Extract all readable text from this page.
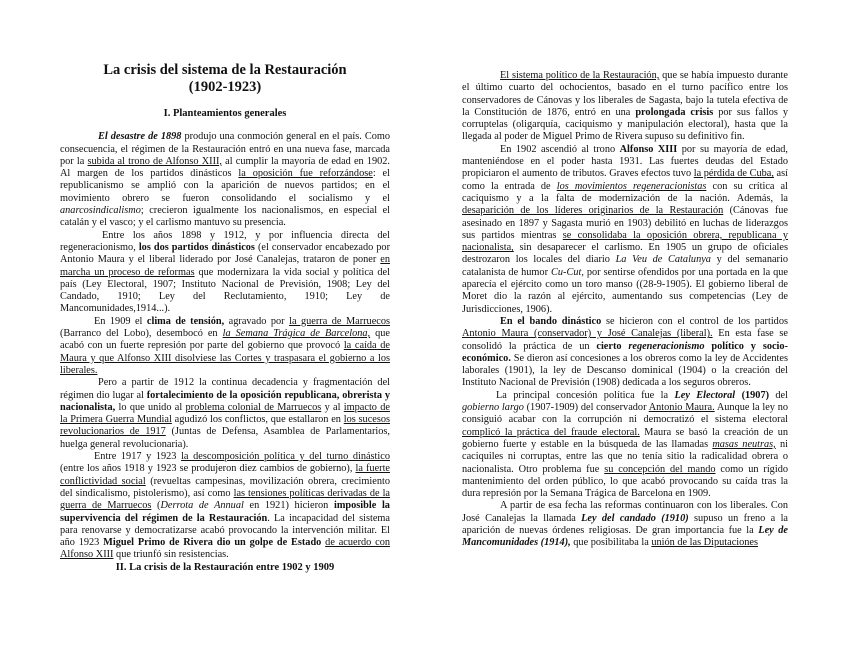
La crisis del sistema de la Restauración

(1902-1923)

I. Planteamientos generales

El desastre de 1898 produjo una conmoción general en el país. Como consecuencia, el régimen de la Restauración entró en una nueva fase, marcada por la subida al trono de Alfonso XIII, al cumplir la mayoría de edad en 1902. Al margen de los partidos dinásticos la oposición fue reforzándose: el republicanismo se amplió con la aparición de nuevos partidos; en el movimiento obrero se fueron consolidando el socialismo y el anarcosindicalismo; crecieron igualmente los nacionalismos, en especial el catalán y el vasco; y el carlismo mantuvo su presencia.

Entre los años 1898 y 1912, y por influencia directa del regeneracionismo, los dos partidos dinásticos (el conservador encabezado por Antonio Maura y el liberal liderado por José Canalejas, trataron de poner en marcha un proceso de reformas que modernizara la vida social y política del país (Ley Electoral, 1907; Instituto Nacional de Previsión, 1908; Ley del Candado, 1910; Ley del Reclutamiento, 1910; Ley de Mancomunidades,1914...).

En 1909 el clima de tensión, agravado por la guerra de Marruecos (Barranco del Lobo), desembocó en la Semana Trágica de Barcelona, que acabó con un fuerte represión por parte del gobierno que provocó la caída de Maura y que Alfonso XIII disolviese las Cortes y traspasara el gobierno a los liberales.

Pero a partir de 1912 la continua decadencia y fragmentación del régimen dio lugar al fortalecimiento de la oposición republicana, obrerista y nacionalista, lo que unido al problema colonial de Marruecos y al impacto de la Primera Guerra Mundial agudizó los conflictos, que estallaron en los sucesos revolucionarios de 1917 (Juntas de Defensa, Asamblea de Parlamentarios, huelga general revolucionaria).

Entre 1917 y 1923 la descomposición política y del turno dinástico (entre los años 1918 y 1923 se produjeron diez cambios de gobierno), la fuerte conflictividad social (revueltas campesinas, movilización obrera, crecimiento del sindicalismo, pistolerismo), así como las tensiones políticas derivadas de la guerra de Marruecos (Derrota de Annual en 1921) hicieron imposible la supervivencia del régimen de la Restauración. La incapacidad del sistema para renovarse y democratizarse acabó provocando la intervención militar. El año 1923 Miguel Primo de Rivera dio un golpe de Estado de acuerdo con Alfonso XIII que triunfó sin resistencias.

II. La crisis de la Restauración entre 1902 y 1909

El sistema político de la Restauración, que se había impuesto durante el último cuarto del ochocientos, basado en el turno pacífico entre los conservadores de Cánovas y los liberales de Sagasta, bajo la tutela efectiva de la Constitución de 1876, entró en una prolongada crisis por sus fallos y corruptelas (oligarquía, caciquismo y manipulación electoral), hasta que la llegada al poder de Miguel Primo de Rivera supuso su definitivo fin.

En 1902 ascendió al trono Alfonso XIII por su mayoría de edad, manteniéndose en el poder hasta 1931. Las fuertes deudas del Estado propiciaron el aumento de tributos. Graves efectos tuvo la pérdida de Cuba, así como la entrada de los movimientos regeneracionistas con su crítica al caciquismo y a la falta de modernización de la nación. Además, la desaparición de los líderes originarios de la Restauración (Cánovas fue asesinado en 1897 y Sagasta murió en 1903) debilitó en luchas de liderazgos sus partidos mientras se consolidaba la oposición obrera, republicana y nacionalista, sin desaparecer el carlismo. En 1905 un grupo de oficiales destrozaron los locales del diario La Veu de Catalunya y del semanario catalanista de humor Cu-Cut, por sentirse ofendidos por una portada en la que aparecía el ejército como un toro manso ((28-9-1905). El gobierno liberal de Moret dio la razón al ejército, aumentando sus competencias (Ley de Jurisdicciones, 1906).

En el bando dinástico se hicieron con el control de los partidos Antonio Maura (conservador) y José Canalejas (liberal). En esta fase se consolidó la práctica de un cierto regeneracionismo político y socio-económico. Se dieron así concesiones a los obreros como la ley de Accidentes laborales (1901), la ley de Descanso dominical (1904) o la creación del Instituto Nacional de Previsión (1908) dedicada a los seguros obreros.

La principal concesión política fue la Ley Electoral (1907) del gobierno largo (1907-1909) del conservador Antonio Maura. Aunque la ley no consiguió acabar con la corrupción ni democratizó el sistema electoral complicó la práctica del fraude electoral. Maura se basó la creación de un gobierno fuerte y estable en la búsqueda de las llamadas masas neutras, ni caciquiles ni corruptas, entre las que no tenía sitio la radicalidad obrera o nacionalista. Otro problema fue su concepción del mando como un rígido mantenimiento del orden público, lo que acabó provocando su caída tras la dura represión por la Semana Trágica de Barcelona en 1909.

A partir de esa fecha las reformas continuaron con los liberales. Con José Canalejas la llamada Ley del candado (1910) supuso un freno a la aparición de nuevas órdenes religiosas. De gran importancia fue la Ley de Mancomunidades (1914), que posibilitaba la unión de las Diputaciones
